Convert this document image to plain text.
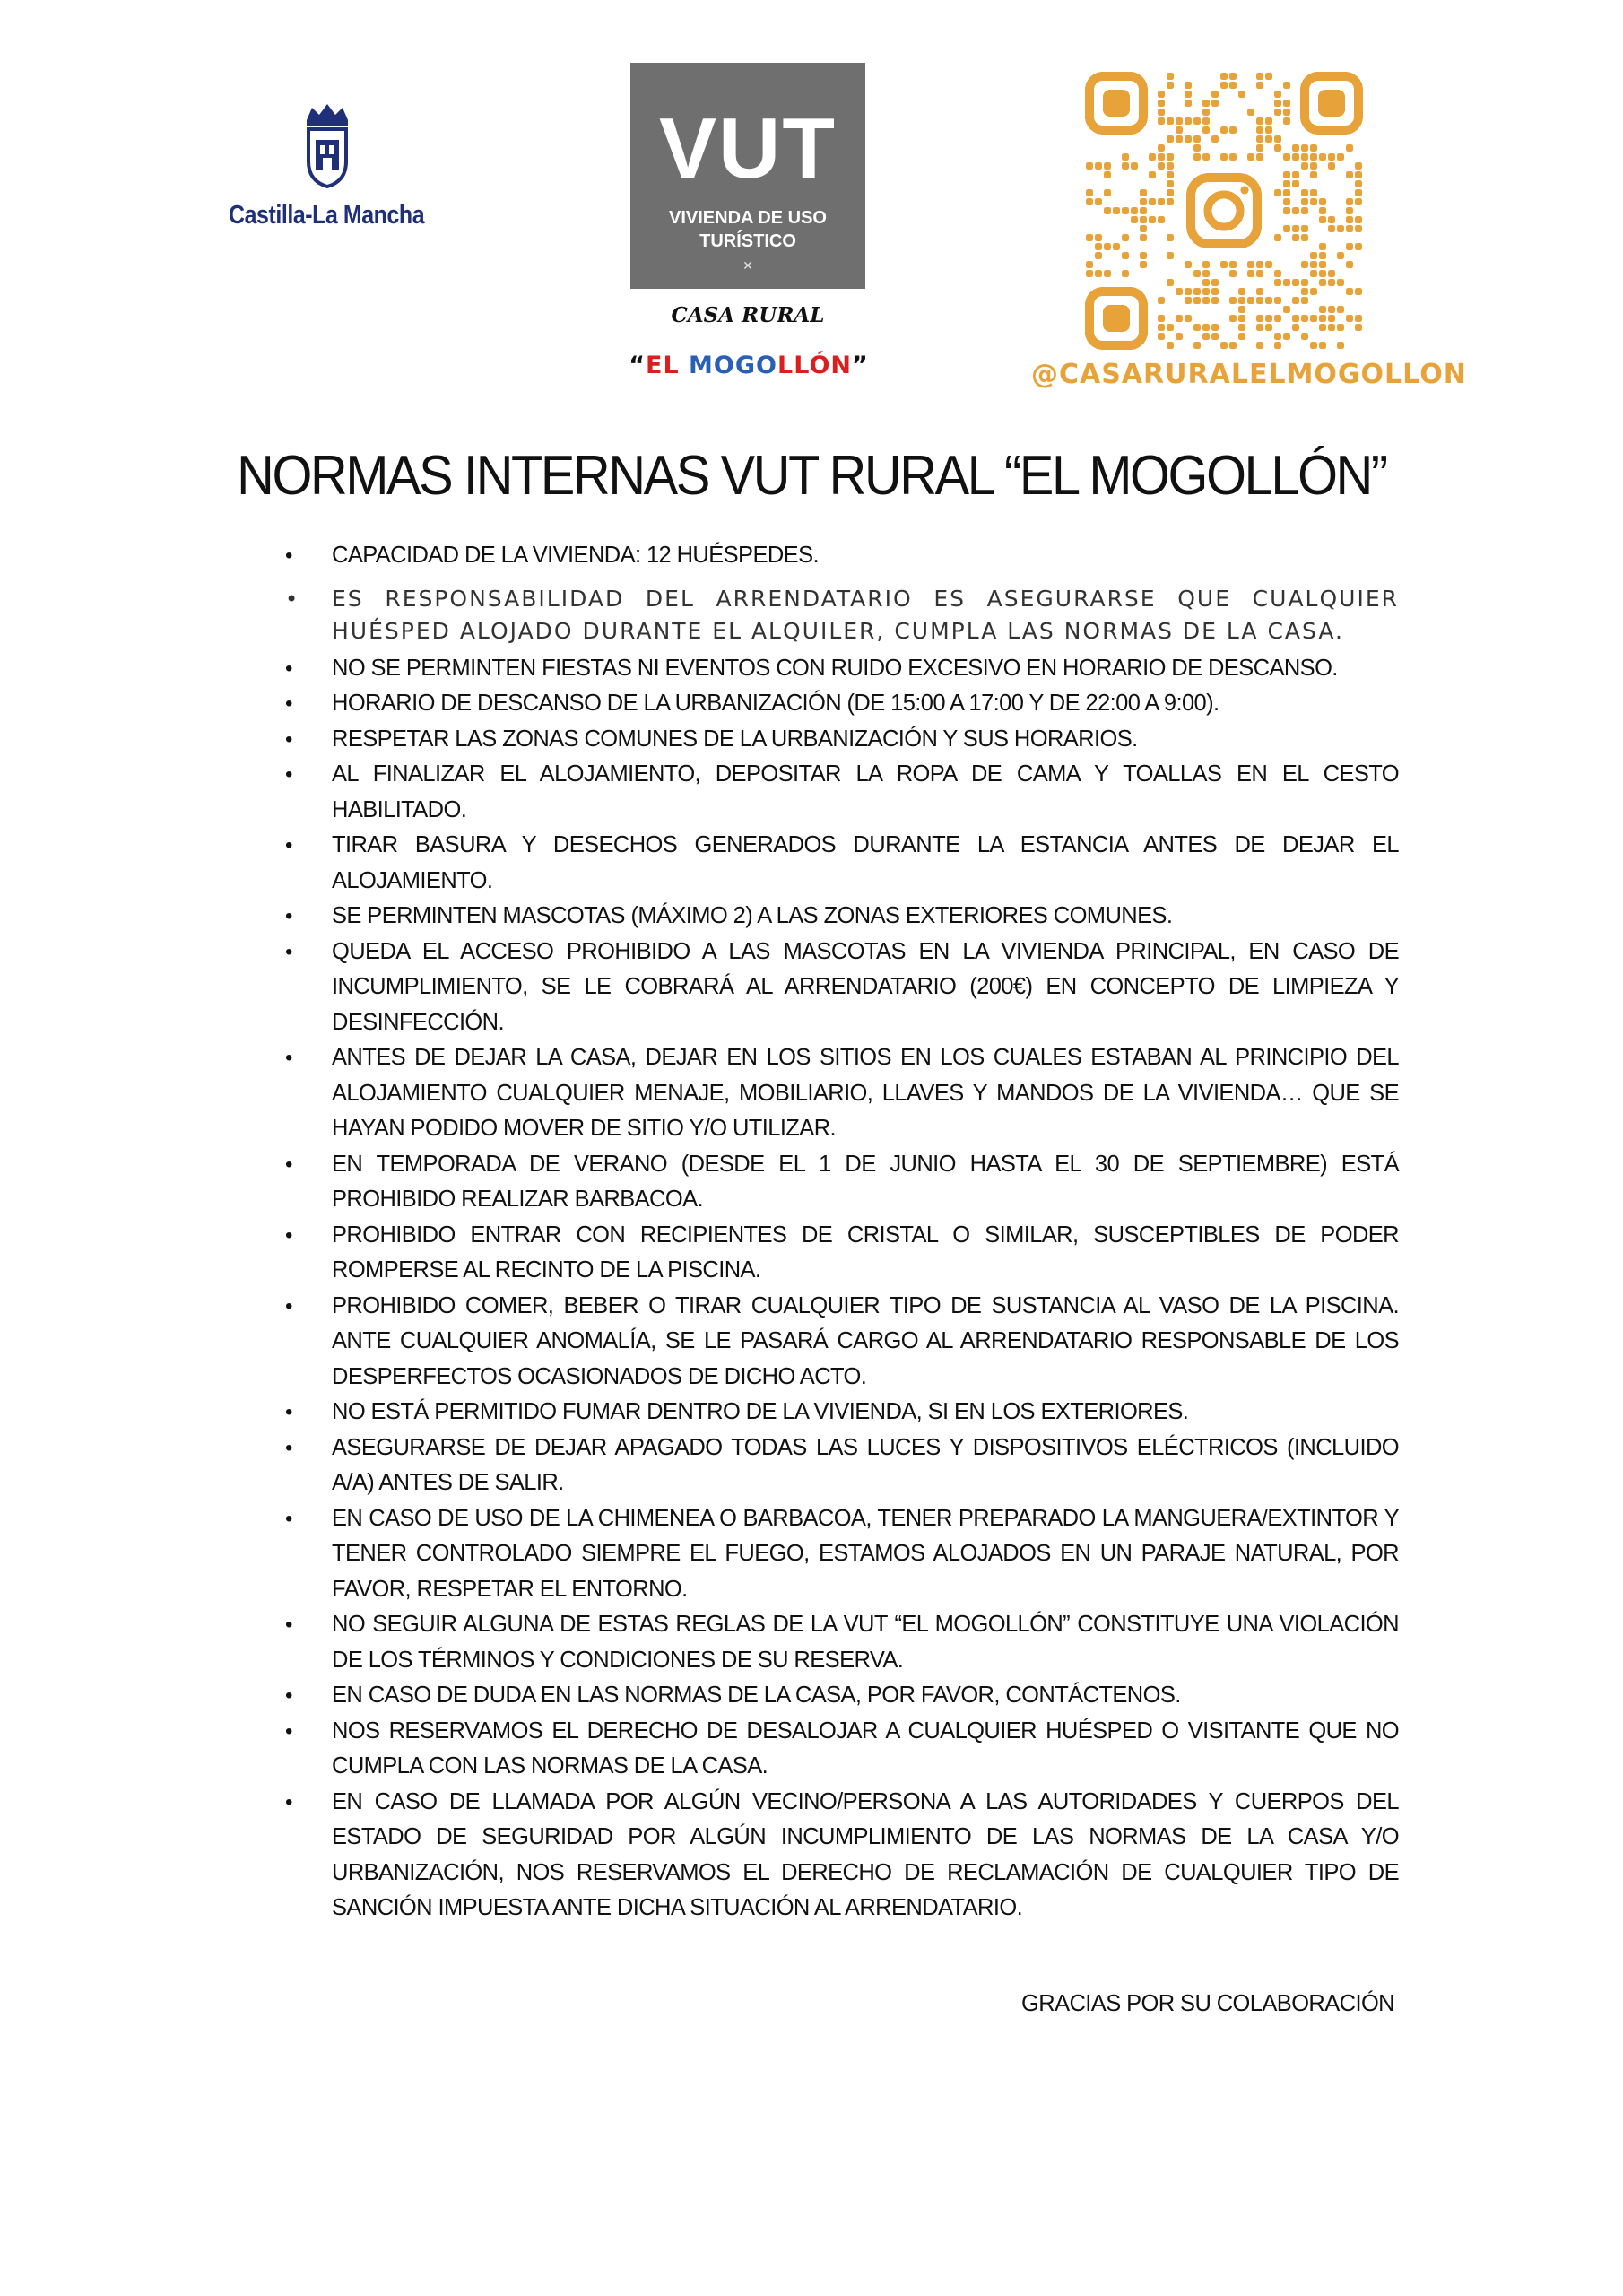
Castilla-La Mancha
VUT
VIVIENDA DE USO
TURÍSTICO
✕
CASA RURAL
“EL MOGOLLÓN”	@CASARURALELMOGOLLON
NORMAS INTERNAS VUT RURAL “EL MOGOLLÓN”
• CAPACIDAD DE LA VIVIENDA: 12 HUÉSPEDES.
• ES RESPONSABILIDAD DEL ARRENDATARIO ES ASEGURARSE QUE CUALQUIER HUÉSPED ALOJADO DURANTE EL ALQUILER, CUMPLA LAS NORMAS DE LA CASA.
• NO SE PERMINTEN FIESTAS NI EVENTOS CON RUIDO EXCESIVO EN HORARIO DE DESCANSO.
• HORARIO DE DESCANSO DE LA URBANIZACIÓN (DE 15:00 A 17:00 Y DE 22:00 A 9:00).
• RESPETAR LAS ZONAS COMUNES DE LA URBANIZACIÓN Y SUS HORARIOS.
• AL FINALIZAR EL ALOJAMIENTO, DEPOSITAR LA ROPA DE CAMA Y TOALLAS EN EL CESTO HABILITADO.
• TIRAR BASURA Y DESECHOS GENERADOS DURANTE LA ESTANCIA ANTES DE DEJAR EL ALOJAMIENTO.
• SE PERMINTEN MASCOTAS (MÁXIMO 2) A LAS ZONAS EXTERIORES COMUNES.
• QUEDA EL ACCESO PROHIBIDO A LAS MASCOTAS EN LA VIVIENDA PRINCIPAL, EN CASO DE INCUMPLIMIENTO, SE LE COBRARÁ AL ARRENDATARIO (200€) EN CONCEPTO DE LIMPIEZA Y DESINFECCIÓN.
• ANTES DE DEJAR LA CASA, DEJAR EN LOS SITIOS EN LOS CUALES ESTABAN AL PRINCIPIO DEL ALOJAMIENTO CUALQUIER MENAJE, MOBILIARIO, LLAVES Y MANDOS DE LA VIVIENDA… QUE SE HAYAN PODIDO MOVER DE SITIO Y/O UTILIZAR.
• EN TEMPORADA DE VERANO (DESDE EL 1 DE JUNIO HASTA EL 30 DE SEPTIEMBRE) ESTÁ PROHIBIDO REALIZAR BARBACOA.
• PROHIBIDO ENTRAR CON RECIPIENTES DE CRISTAL O SIMILAR, SUSCEPTIBLES DE PODER ROMPERSE AL RECINTO DE LA PISCINA.
• PROHIBIDO COMER, BEBER O TIRAR CUALQUIER TIPO DE SUSTANCIA AL VASO DE LA PISCINA. ANTE CUALQUIER ANOMALÍA, SE LE PASARÁ CARGO AL ARRENDATARIO RESPONSABLE DE LOS DESPERFECTOS OCASIONADOS DE DICHO ACTO.
• NO ESTÁ PERMITIDO FUMAR DENTRO DE LA VIVIENDA, SI EN LOS EXTERIORES.
• ASEGURARSE DE DEJAR APAGADO TODAS LAS LUCES Y DISPOSITIVOS ELÉCTRICOS (INCLUIDO A/A) ANTES DE SALIR.
• EN CASO DE USO DE LA CHIMENEA O BARBACOA, TENER PREPARADO LA MANGUERA/EXTINTOR Y TENER CONTROLADO SIEMPRE EL FUEGO, ESTAMOS ALOJADOS EN UN PARAJE NATURAL, POR FAVOR, RESPETAR EL ENTORNO.
• NO SEGUIR ALGUNA DE ESTAS REGLAS DE LA VUT “EL MOGOLLÓN” CONSTITUYE UNA VIOLACIÓN DE LOS TÉRMINOS Y CONDICIONES DE SU RESERVA.
• EN CASO DE DUDA EN LAS NORMAS DE LA CASA, POR FAVOR, CONTÁCTENOS.
• NOS RESERVAMOS EL DERECHO DE DESALOJAR A CUALQUIER HUÉSPED O VISITANTE QUE NO CUMPLA CON LAS NORMAS DE LA CASA.
• EN CASO DE LLAMADA POR ALGÚN VECINO/PERSONA A LAS AUTORIDADES Y CUERPOS DEL ESTADO DE SEGURIDAD POR ALGÚN INCUMPLIMIENTO DE LAS NORMAS DE LA CASA Y/O URBANIZACIÓN, NOS RESERVAMOS EL DERECHO DE RECLAMACIÓN DE CUALQUIER TIPO DE SANCIÓN IMPUESTA ANTE DICHA SITUACIÓN AL ARRENDATARIO.
GRACIAS POR SU COLABORACIÓN
